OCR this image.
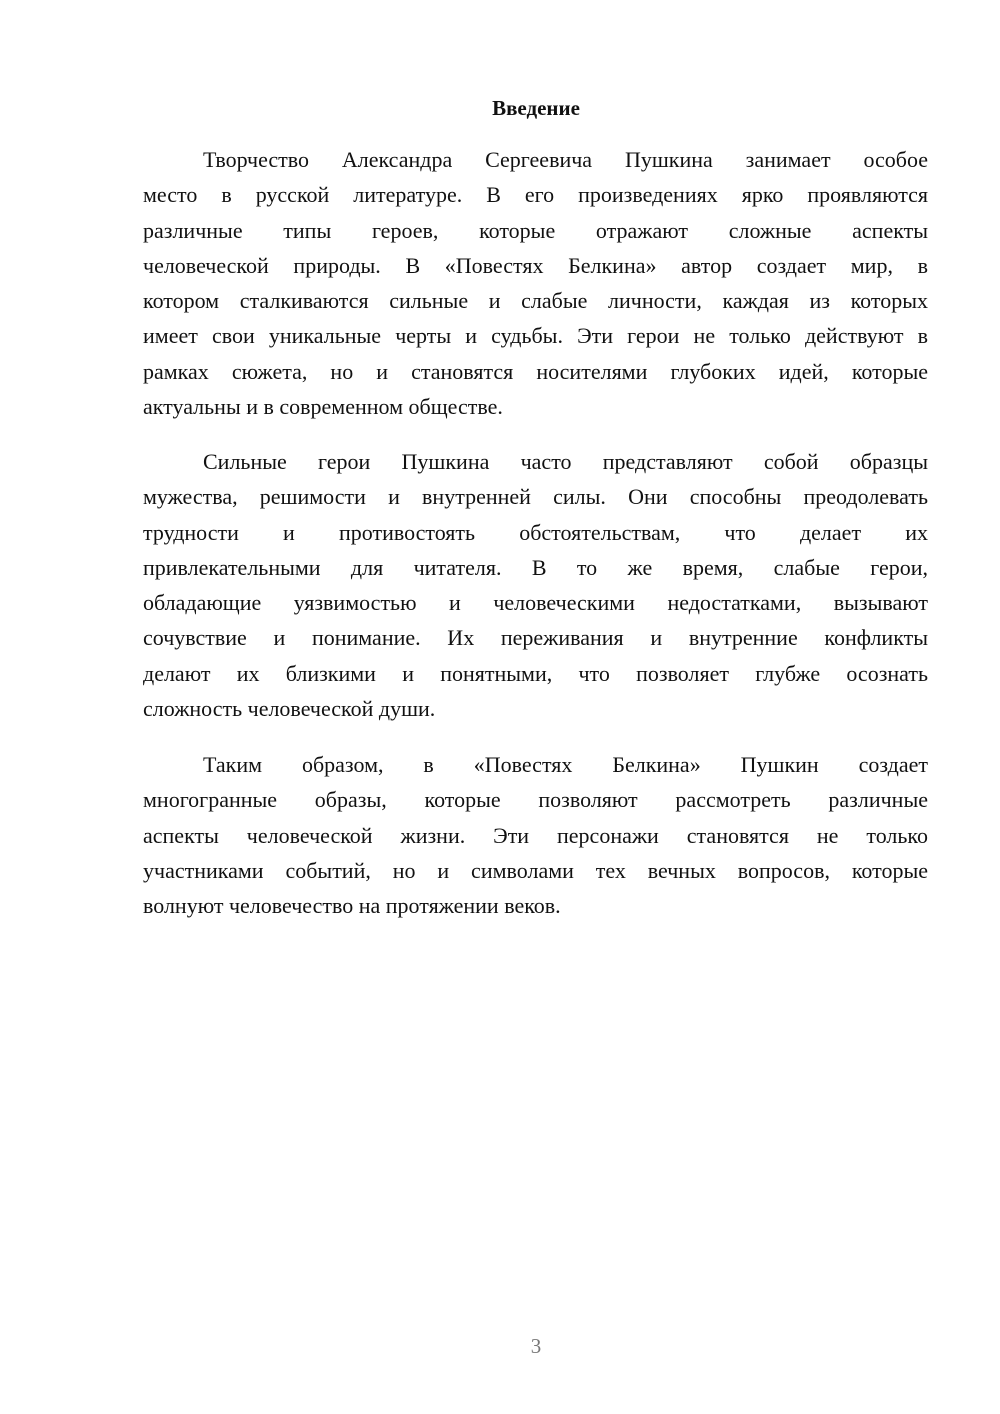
Введение
Творчество Александра Сергеевича Пушкина занимает особое
место в русской литературе. В его произведениях ярко проявляются
различные типы героев, которые отражают сложные аспекты
человеческой природы. В «Повестях Белкина» автор создает мир, в
котором сталкиваются сильные и слабые личности, каждая из которых
имеет свои уникальные черты и судьбы. Эти герои не только действуют в
рамках сюжета, но и становятся носителями глубоких идей, которые
актуальны и в современном обществе.
Сильные герои Пушкина часто представляют собой образцы
мужества, решимости и внутренней силы. Они способны преодолевать
трудности и противостоять обстоятельствам, что делает их
привлекательными для читателя. В то же время, слабые герои,
обладающие уязвимостью и человеческими недостатками, вызывают
сочувствие и понимание. Их переживания и внутренние конфликты
делают их близкими и понятными, что позволяет глубже осознать
сложность человеческой души.
Таким образом, в «Повестях Белкина» Пушкин создает
многогранные образы, которые позволяют рассмотреть различные
аспекты человеческой жизни. Эти персонажи становятся не только
участниками событий, но и символами тех вечных вопросов, которые
волнуют человечество на протяжении веков.
3
